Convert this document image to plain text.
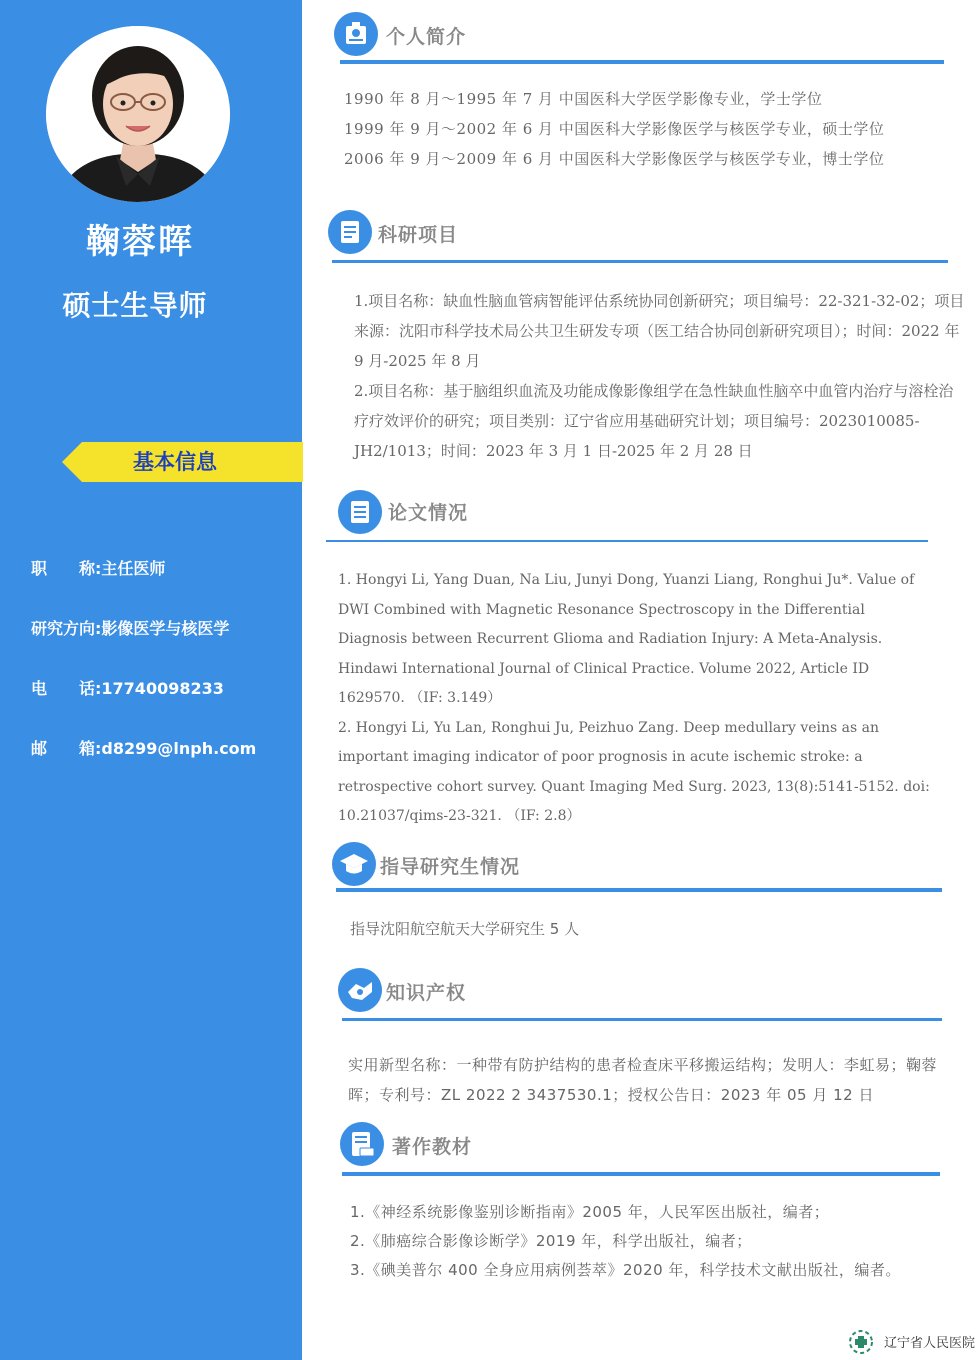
鞠蓉晖
硕士生导师
基本信息
职　　称:主任医师
研究方向:影像医学与核医学
电　　话:17740098233
邮　　箱:d8299@lnph.com
个人简介
1990 年 8 月～1995 年 7 月 中国医科大学医学影像专业，学士学位
1999 年 9 月～2002 年 6 月 中国医科大学影像医学与核医学专业，硕士学位
2006 年 9 月～2009 年 6 月 中国医科大学影像医学与核医学专业，博士学位
科研项目

1.项目名称：缺血性脑血管病智能评估系统协同创新研究；项目编号：22-321-32-02；项目来源：沈阳市科学技术局公共卫生研发专项（医工结合协同创新研究项目）；时间：2022 年 9 月-2025 年 8 月

2.项目名称：基于脑组织血流及功能成像影像组学在急性缺血性脑卒中血管内治疗与溶栓治疗疗效评价的研究；项目类别：辽宁省应用基础研究计划；项目编号：2023010085-JH2/1013；时间：2023 年 3 月 1 日-2025 年 2 月 28 日

论文情况

1. Hongyi Li, Yang Duan, Na Liu, Junyi Dong, Yuanzi Liang, Ronghui Ju*. Value of DWI Combined with Magnetic Resonance Spectroscopy in the Differential Diagnosis between Recurrent Glioma and Radiation Injury: A Meta-Analysis. Hindawi International Journal of Clinical Practice. Volume 2022, Article ID 1629570. （IF: 3.149）

2. Hongyi Li, Yu Lan, Ronghui Ju, Peizhuo Zang. Deep medullary veins as an important imaging indicator of poor prognosis in acute ischemic stroke: a retrospective cohort survey. Quant Imaging Med Surg. 2023, 13(8):5141-5152. doi: 10.21037/qims-23-321. （IF: 2.8）

指导研究生情况
指导沈阳航空航天大学研究生 5 人
知识产权
实用新型名称：一种带有防护结构的患者检查床平移搬运结构；发明人：李虹易；鞠蓉晖；专利号：ZL 2022 2 3437530.1；授权公告日：2023 年 05 月 12 日
著作教材
1.《神经系统影像鉴别诊断指南》2005 年，人民军医出版社，编者；
2.《肺癌综合影像诊断学》2019 年，科学出版社，编者；
3.《碘美普尔 400 全身应用病例荟萃》2020 年，科学技术文献出版社，编者。
辽宁省人民医院
